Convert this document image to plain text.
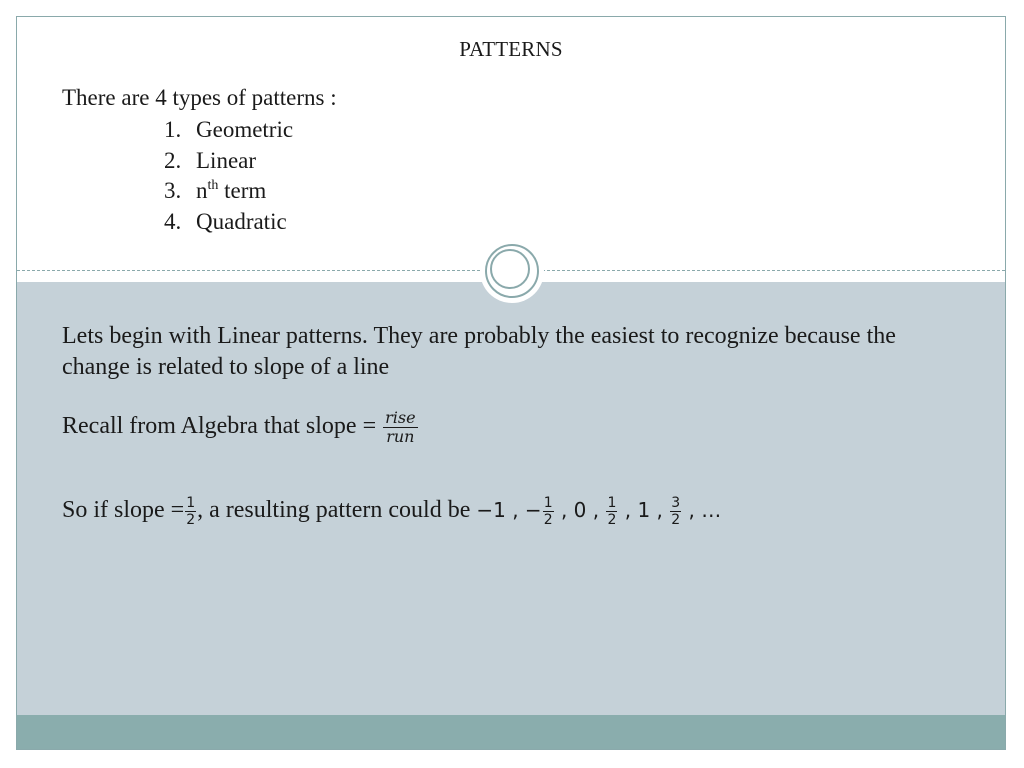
PATTERNS
There are 4 types of patterns :
1. Geometric
2. Linear
3. $n^{th}$ term
4. Quadratic
Lets begin with Linear patterns. They are probably the easiest to recognize because the change is related to slope of a line
Recall from Algebra that slope = $\frac{\text{rise}}{\text{run}}$
So if slope = $\frac{1}{2}$ , a resulting pattern could be −1 , − $\frac{1}{2}$ , 0 , $\frac{1}{2}$ , 1 , $\frac{3}{2}$ , …
